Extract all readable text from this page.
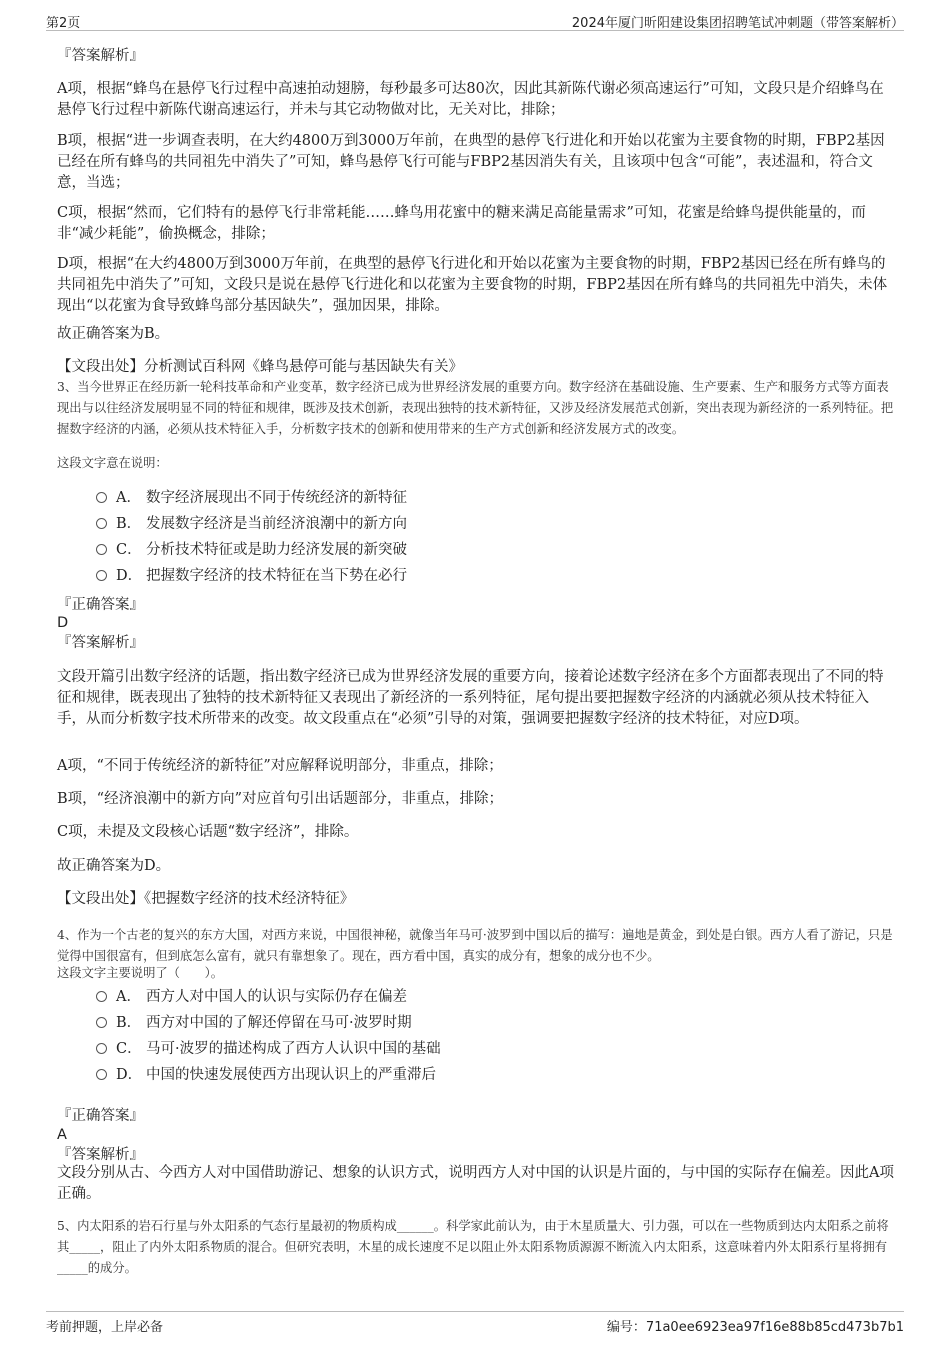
第2页	2024年厦门昕阳建设集团招聘笔试冲刺题（带答案解析）
『答案解析』
A项，根据“蜂鸟在悬停飞行过程中高速拍动翅膀，每秒最多可达80次，因此其新陈代谢必须高速运行”可知，文段只是介绍蜂鸟在悬停飞行过程中新陈代谢高速运行，并未与其它动物做对比，无关对比，排除；
B项，根据“进一步调查表明，在大约4800万到3000万年前，在典型的悬停飞行进化和开始以花蜜为主要食物的时期，FBP2基因已经在所有蜂鸟的共同祖先中消失了”可知，蜂鸟悬停飞行可能与FBP2基因消失有关，且该项中包含“可能”，表述温和，符合文意，当选；
C项，根据“然而，它们特有的悬停飞行非常耗能……蜂鸟用花蜜中的糖来满足高能量需求”可知，花蜜是给蜂鸟提供能量的，而非“减少耗能”，偷换概念，排除；
D项，根据“在大约4800万到3000万年前，在典型的悬停飞行进化和开始以花蜜为主要食物的时期，FBP2基因已经在所有蜂鸟的共同祖先中消失了”可知，文段只是说在悬停飞行进化和以花蜜为主要食物的时期，FBP2基因在所有蜂鸟的共同祖先中消失，未体现出“以花蜜为食导致蜂鸟部分基因缺失”，强加因果，排除。
故正确答案为B。
【文段出处】分析测试百科网《蜂鸟悬停可能与基因缺失有关》
3、当今世界正在经历新一轮科技革命和产业变革，数字经济已成为世界经济发展的重要方向。数字经济在基础设施、生产要素、生产和服务方式等方面表现出与以往经济发展明显不同的特征和规律，既涉及技术创新，表现出独特的技术新特征，又涉及经济发展范式创新，突出表现为新经济的一系列特征。把握数字经济的内涵，必须从技术特征入手，分析数字技术的创新和使用带来的生产方式创新和经济发展方式的改变。
这段文字意在说明：
A． 数字经济展现出不同于传统经济的新特征
B． 发展数字经济是当前经济浪潮中的新方向
C． 分析技术特征或是助力经济发展的新突破
D． 把握数字经济的技术特征在当下势在必行
『正确答案』
D
『答案解析』
文段开篇引出数字经济的话题，指出数字经济已成为世界经济发展的重要方向，接着论述数字经济在多个方面都表现出了不同的特征和规律，既表现出了独特的技术新特征又表现出了新经济的一系列特征，尾句提出要把握数字经济的内涵就必须从技术特征入手，从而分析数字技术所带来的改变。故文段重点在“必须”引导的对策，强调要把握数字经济的技术特征，对应D项。
A项，“不同于传统经济的新特征”对应解释说明部分，非重点，排除；
B项，“经济浪潮中的新方向”对应首句引出话题部分，非重点，排除；
C项，未提及文段核心话题“数字经济”，排除。
故正确答案为D。
【文段出处】《把握数字经济的技术经济特征》
4、作为一个古老的复兴的东方大国，对西方来说，中国很神秘，就像当年马可·波罗到中国以后的描写：遍地是黄金，到处是白银。西方人看了游记，只是觉得中国很富有，但到底怎么富有，就只有靠想象了。现在，西方看中国，真实的成分有，想象的成分也不少。
这段文字主要说明了（　　）。
A． 西方人对中国人的认识与实际仍存在偏差
B． 西方对中国的了解还停留在马可·波罗时期
C． 马可·波罗的描述构成了西方人认识中国的基础
D． 中国的快速发展使西方出现认识上的严重滞后
『正确答案』
A
『答案解析』
文段分别从古、今西方人对中国借助游记、想象的认识方式，说明西方人对中国的认识是片面的，与中国的实际存在偏差。因此A项正确。
5、内太阳系的岩石行星与外太阳系的气态行星最初的物质构成______。科学家此前认为，由于木星质量大、引力强，可以在一些物质到达内太阳系之前将其_____，阻止了内外太阳系物质的混合。但研究表明，木星的成长速度不足以阻止外太阳系物质源源不断流入内太阳系，这意味着内外太阳系行星将拥有_____的成分。
考前押题，上岸必备	编号：71a0ee6923ea97f16e88b85cd473b7b1
